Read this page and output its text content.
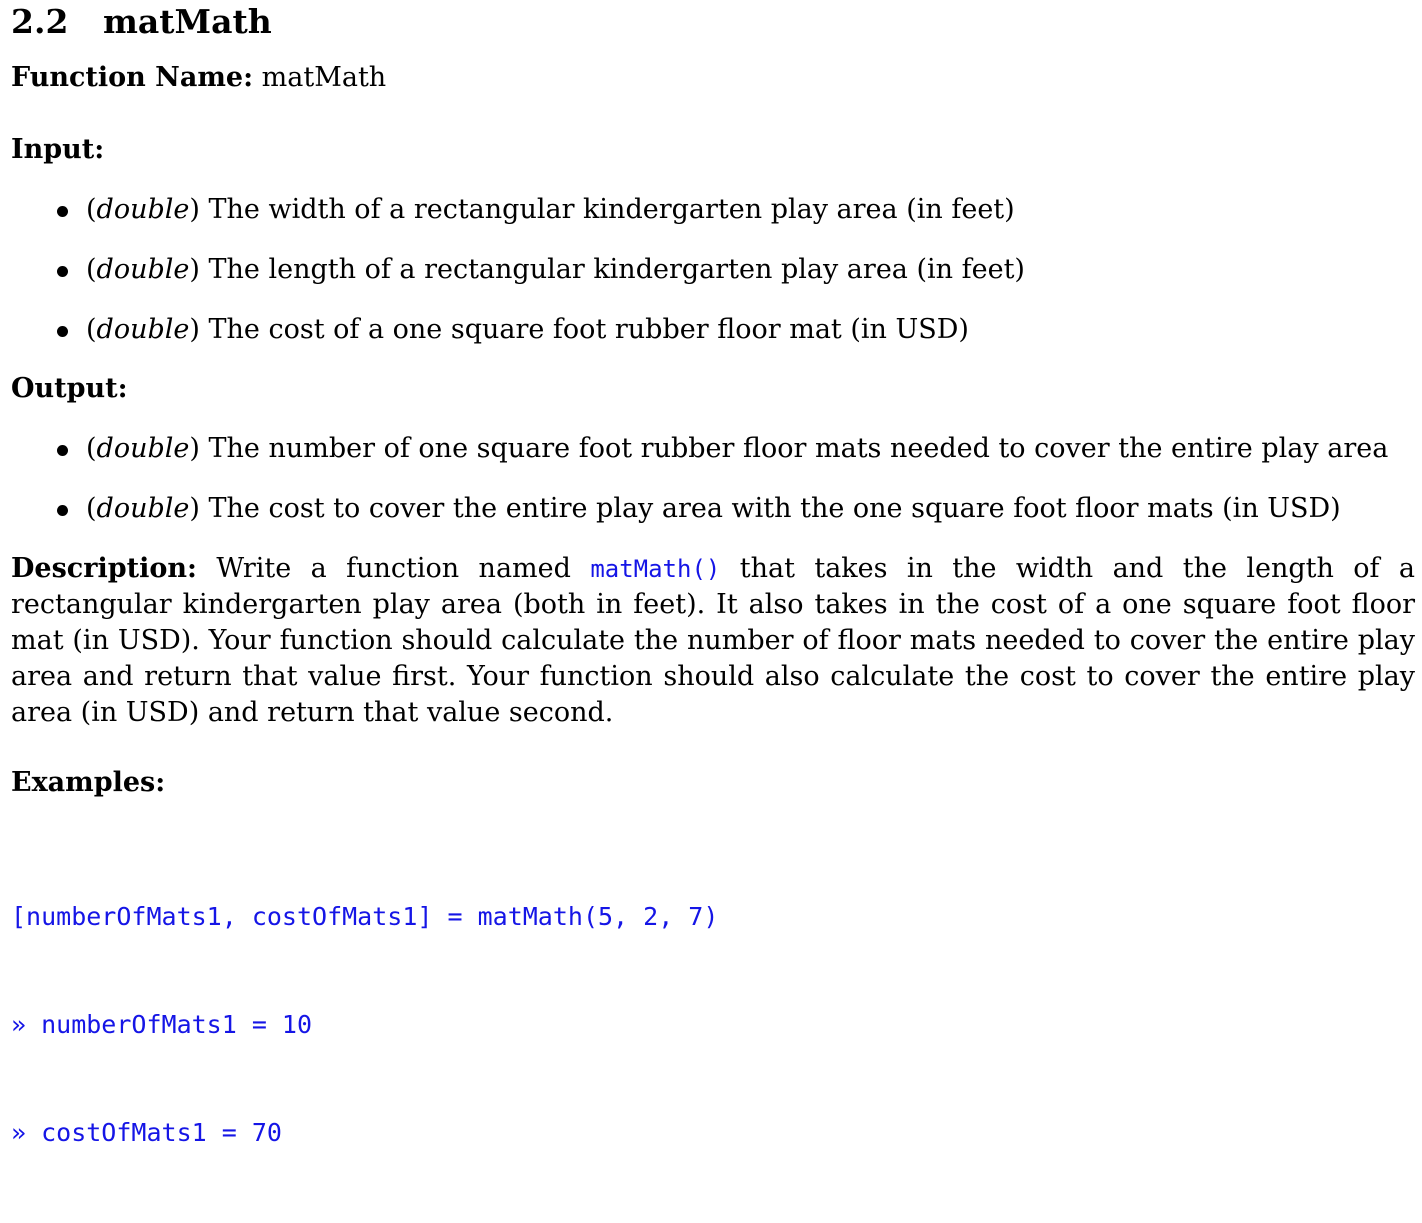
2.2 matMath
Function Name: matMath
Input:
(double) The width of a rectangular kindergarten play area (in feet)
(double) The length of a rectangular kindergarten play area (in feet)
(double) The cost of a one square foot rubber floor mat (in USD)
Output:
(double) The number of one square foot rubber floor mats needed to cover the entire play area
(double) The cost to cover the entire play area with the one square foot floor mats (in USD)
Description: Write a function named matMath() that takes in the width and the length of a rectangular kindergarten play area (both in feet). It also takes in the cost of a one square foot floor mat (in USD). Your function should calculate the number of floor mats needed to cover the entire play area and return that value first. Your function should also calculate the cost to cover the entire play area (in USD) and return that value second.
Examples:

[numberOfMats1, costOfMats1] = matMath(5, 2, 7)

» numberOfMats1 = 10

» costOfMats1 = 70
